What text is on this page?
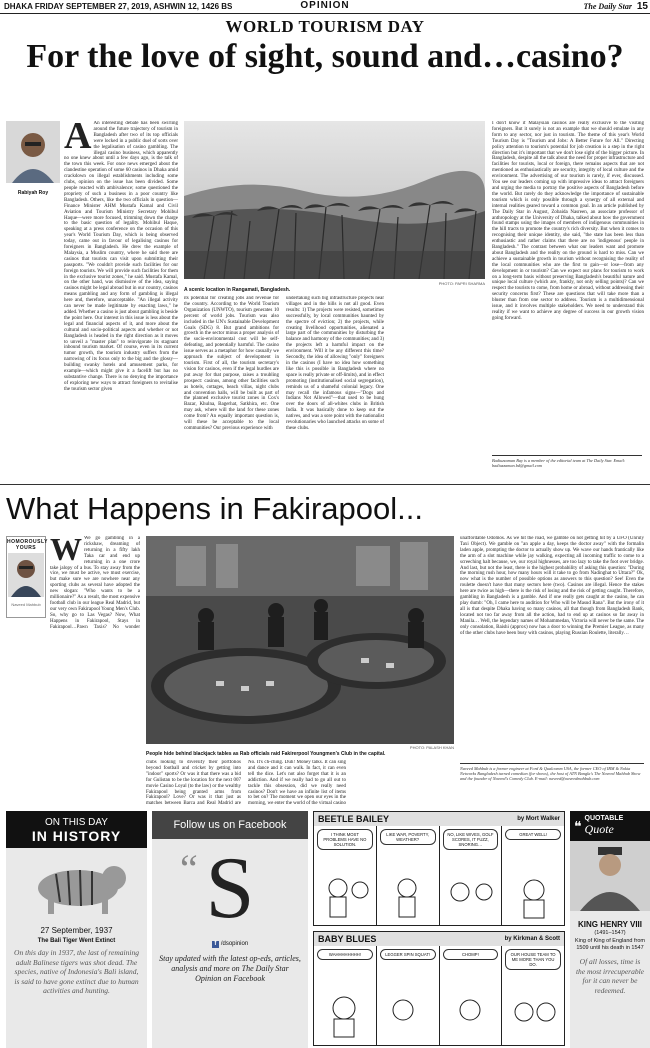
OPINION
DHAKA FRIDAY SEPTEMBER 27, 2019, ASHWIN 12, 1426 BS	The Daily Star 15
WORLD TOURISM DAY
For the love of sight, sound and…casino?
Rabiyah Roy
A An interesting debate has been swirling around the future trajectory of tourism in Bangladesh after two of its top officials were locked in a public duel of sorts over the legalisation of casino gambling. The illegal casino business, which apparently no one knew about until a few days ago, is the talk of the town this week. For once news emerged about the clandestine operation of some 60 casinos in Dhaka amid crackdown on illegal establishments including some clubs, opinion on the issue has been divided. Some people reacted with ambivalence; some questioned the propriety of such a business in a poor country like Bangladesh. Others, like the two officials in question—Finance Minister AHM Mustafa Kamal and Civil Aviation and Tourism Ministry Secretary Mohibul Haque—were more focused, trimming down the charge to the basic question of legality. Mohibul Haque, speaking at a press conference on the occasion of this year's World Tourism Day, which is being observed today, came out in favour of legalising casinos for foreigners in Bangladesh. He drew the example of Malaysia, a Muslim country, where he said there are casinos that tourists can visit upon submitting their passports. "We couldn't provide such facilities for our foreign tourists. We will provide such facilities for them in the exclusive tourist zones," he said. Mustafa Kamal, on the other hand, was dismissive of the idea, saying casinos might be legal abroad but in our country, casinos means gambling and any form of gambling is illegal here and, therefore, unacceptable. "An illegal activity can never be made legitimate by enacting laws," he added. Whether a casino is just about gambling is beside the point here. Our interest in this issue is less about the legal and financial aspects of it, and more about the cultural and socio-political aspects and whether or not Bangladesh is headed in the right direction as it moves to unveil a "master plan" to reinvigorate its stagnant inbound tourism market. Of course, even in its current tumor growth, the tourism industry suffers from the narrowing of its focus only to the big and the glossy—building swanky hotels and amusement parks, for example—which might give it a facelift but has no substantive change. There is no denying the importance of exploring new ways to attract foreigners to revitalise the tourism sector given
PHOTO: PAPRI SHARMA
A scenic location in Rangamati, Bangladesh.
its potential for creating jobs and revenue for the country. According to the World Tourism Organization (UNWTO), tourism generates 10 percent of world jobs. Tourism was also included in the UN's Sustainable Development Goals (SDG) 8. But grand ambitions for growth in the sector minus a proper analysis of the socio-environmental cost will be self-defeating, and potentially harmful. The casino issue serves as a metaphor for how casually we approach the subject of development in tourism. First of all, the tourism secretary's vision for casinos, even if the legal hurdles are put away for that purpose, raises a troubling prospect: casinos, among other facilities such as hotels, cottages, beach villas, night clubs and convention halls, will be built as part of the planned exclusive tourist zones in Cox's Bazar, Khulna, Bagerhat, Satkhira, etc. One may ask, where will the land for these zones come from? An equally important question is, will these be acceptable to the local communities? Our previous experience with
undertaking such big infrastructure projects near villages and in the hills is not all good. Even results: 1) The projects were resisted, sometimes successfully, by local communities haunted by the spectre of eviction; 2) the projects, while creating livelihood opportunities, alienated a large part of the communities by disturbing the balance and harmony of the communities; and 3) the projects left a harmful impact on the environment. Will it be any different this time? Secondly, the idea of allowing "only" foreigners in the casinos (I have no idea how something like this is possible in Bangladesh where no space is really private or off-limits), and in effect promoting (institutionalised social segregation), reminds us of a shameful colonial legacy. One may recall the infamous signs—"Dogs and Indians Not Allowed"—that used to be hung over the doors of all-whites clubs in British India. It was basically done to keep out the natives, and was a sore point with the nationalist revolutionaries who launched attacks on some of these clubs.
I don't know if Malaysian casinos are really exclusive to the visiting foreigners. But it surely is not an example that we should emulate in any form to any sector, nor just in tourism. The theme of this year's World Tourism Day is "Tourism and Jobs: A Better Future for All." Directing policy attention to tourism's potential for job creation is a step in the right direction but it's important that we don't lose sight of the bigger picture. In Bangladesh, despite all the talk about the need for proper infrastructure and facilities for tourists, local or foreign, there remains aspects that are not mentioned as enthusiastically are security, integrity of local culture and the environment. The advertising of our tourism is rarely, if ever, discussed. You see our leaders coming up with impressive ideas to attract foreigners and urging the media to portray the positive aspects of Bangladesh before the world. But rarely do they acknowledge the importance of sustainable tourism which is only possible through a synergy of all external and internal realities geared toward a common goal. In an article published by The Daily Star in August, Zobaida Nasreen, an associate professor of anthropology at the University of Dhaka, talked about how the government found stamps using the images of members of indigenous communities in the hill tracts to promote the country's rich diversity. But when it comes to recognising their unique identity, she said, "the state has been less than enthusiastic and rather claims that there are no 'indigenous' people in Bangladesh." The contrast between what our leaders want and promote about Bangladesh and the reality on the ground is hard to miss. Can we achieve a sustainable growth in tourism without recognising the reality of the local communities who are the first to gain—or lose—from any development in or tourism? Can we expect our plans for tourism to work on a long-term basis without preserving Bangladesh's beautiful nature and unique local culture (which are, frankly, not only selling points)? Can we respect the tourists to come, from home or abroad, without addressing their security concerns first? These are questions that will take more than a bluster than from one sector to address. Tourism is a multidimensional issue, and it involves multiple stakeholders. We need to understand this reality if we want to achieve any degree of success in our growth vision going forward.
Badiuzzaman Bay is a member of the editorial team at The Daily Star. Email: badiuzzaman.bd@gmail.com
What Happens in Fakirapool...
HOMOROUSLY YOURS
Naveed Mahbub
W We go gambling in a rickshaw, dreaming of returning in a fifty lakh Taka car and end up returning in a one crore take jalopy of a bus. To stay away from the vice, we must be active, we must exercise, but make sure we are nowhere near any sporting clubs as several have adopted the new slogan: "Who wants to be a millionaire?" As a result, the most expensive football club in our league Real Madrid, but our very own Fakirapool Young Men's Club. So, why go to Las Vegas? Now, What Happens in Fakirapool, Stays in Fakirapool…Pawn Taxis? No wonder
PHOTO: PALASH KHAN
People hide behind blackjack tables as Rab officials raid Fakirerpool Youngmen's Club in the capital.
clubs looking to diversify their portfolios beyond football and cricket by getting into "indoor" sports? Or was it that there was a bid for Gulistan to be the location for the next 007 movie Casino Loyal (to the law) or the wealthy Fakirapool being granted arms from Fakirapool? Love? Or was it that just as matches between Barca and Real Madrid are
No. It's ch-ching. Duh! Money talks. It can sing and dance and it can walk. In fact, it can even tell the dice. Let's not also forget that it is an addiction. And if we really had to go all out to tackle this obsession, did we really need casinos? Don't we have an infinite list of items to bet on? The moment we open our eyes in the morning, we enter the world of the virtual casino
unaffordable Odomos. As we hit the road, we gamble on not getting hit by a UFO (Unruly Taxi Object). We gamble on "an apple a day, keeps the doctor away" with the formalin laden apple, prompting the doctor to actually show up. We wave our hands frantically like the arm of a slot machine while jay walking, expecting all incoming traffic to come to a screeching halt because, we, our royal highnesses, are too lazy to take the foot over bridge. And last, but not the least, there is the highest probability of asking this question: "During the morning rush hour, how many hours will it take to go from Nadinghat to Uttara?" Ok, now what is the number of possible options as answers to this question? See! Even the roulette doesn't have that many sectors here (two). Casinos are illegal. Hence the stakes here are twice as high—there is the risk of losing and the risk of getting caught. Therefore, gambling in Bangladesh is a gamble. And if one really gets caught at the casino, he can play dumb: "Oh, I came here to audition for Who will be Masud Rana". But the irony of it all is that despite Dhaka having so many casinos, all that though from Bangladesh Bank, located not too far away from all the action, had to end up at casinos so far away in Manila… Well, the legendary names of Mohammedan, Victoria will never be the same. The only consolation, Baishi (approx) now has a door to winning the Premier League, as many of the other clubs have been busy with casinos, playing Russian Roulette, literally…
Naveed Mahbub is a former engineer at Ford & Qualcomm USA, the former CEO of IBM & Nokia Networks Bangladesh turned comedian (for shows), the host of ATN Bangla's The Naveed Mahbub Show and the founder of Naveed's Comedy Club. E-mail: naveed@naveedmahbub.com
ON THIS DAY
IN HISTORY
27 September, 1937
The Bali Tiger Went Extinct
On this day in 1937, the last of remaining adult Balinese tigers was shot dead. The species, native of Indonesia's Bali island, is said to have gone extinct due to human activities and hunting.
Follow us on Facebook
“ S
f /dsopinion
Stay updated with the latest op-eds, articles, analysis and more on The Daily Star Opinion on Facebook
BEETLE BAILEY	by Mort Walker
I THINK MOST PROBLEMS HAVE NO SOLUTION.
LIKE WAR, POVERTY, WEATHER?
NO, LIKE WIVES, GOLF SCORES, IT FUZZ, SNORING…
GREAT WELL!
BABY BLUES	by Kirkman & Scott
WAHHHHHHHH!	LEGGER SPIN SQUAT!	CHOMP!	OUR HOUSE TEAM TO ME MORE THAN YOU DO.
❝ QUOTABLE
Quote
KING HENRY VIII
(1491–1547)
King of King of England from 1509 until his death in 1547
Of all losses, time is the most irrecuperable for it can never be redeemed.
